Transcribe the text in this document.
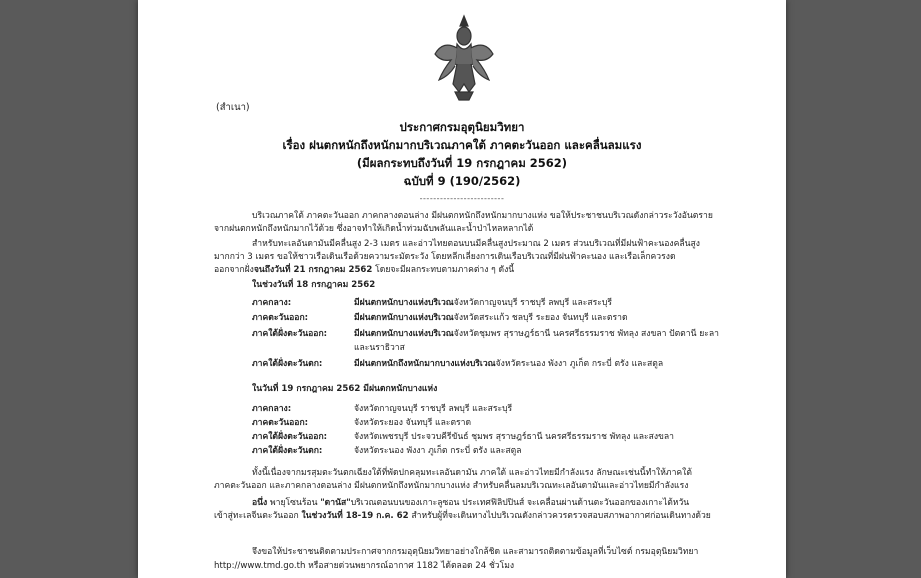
(สำเนา)
ประกาศกรมอุตุนิยมวิทยา
เรื่อง ฝนตกหนักถึงหนักมากบริเวณภาคใต้ ภาคตะวันออก และคลื่นลมแรง
(มีผลกระทบถึงวันที่ 19 กรกฎาคม 2562)
ฉบับที่ 9 (190/2562)
-------------------------
บริเวณภาคใต้ ภาคตะวันออก ภาคกลางตอนล่าง มีฝนตกหนักถึงหนักมากบางแห่ง ขอให้ประชาชนบริเวณดังกล่าวระวังอันตราย
จากฝนตกหนักถึงหนักมากไว้ด้วย ซึ่งอาจทำให้เกิดน้ำท่วมฉับพลันและน้ำป่าไหลหลากได้
สำหรับทะเลอันดามันมีคลื่นสูง 2-3 เมตร และอ่าวไทยตอนบนมีคลื่นสูงประมาณ 2 เมตร ส่วนบริเวณที่มีฝนฟ้าคะนองคลื่นสูง
มากกว่า 3 เมตร ขอให้ชาวเรือเดินเรือด้วยความระมัดระวัง โดยหลีกเลี่ยงการเดินเรือบริเวณที่มีฝนฟ้าคะนอง และเรือเล็กควรงด
ออกจากฝั่งจนถึงวันที่ 21 กรกฎาคม 2562 โดยจะมีผลกระทบตามภาคต่าง ๆ ดังนี้
ในช่วงวันที่ 18 กรกฎาคม 2562
ภาคกลาง:	มีฝนตกหนักบางแห่งบริเวณจังหวัดกาญจนบุรี ราชบุรี ลพบุรี และสระบุรี
ภาคตะวันออก:	มีฝนตกหนักบางแห่งบริเวณจังหวัดสระแก้ว ชลบุรี ระยอง จันทบุรี และตราด
ภาคใต้ฝั่งตะวันออก:	มีฝนตกหนักบางแห่งบริเวณจังหวัดชุมพร สุราษฎร์ธานี นครศรีธรรมราช พัทลุง สงขลา ปัตตานี ยะลา
และนราธิวาส
ภาคใต้ฝั่งตะวันตก:	มีฝนตกหนักถึงหนักมากบางแห่งบริเวณจังหวัดระนอง พังงา ภูเก็ต กระบี่ ตรัง และสตูล
ในวันที่ 19 กรกฎาคม 2562 มีฝนตกหนักบางแห่ง
ภาคกลาง:	จังหวัดกาญจนบุรี ราชบุรี ลพบุรี และสระบุรี
ภาคตะวันออก:	จังหวัดระยอง จันทบุรี และตราด
ภาคใต้ฝั่งตะวันออก:	จังหวัดเพชรบุรี ประจวบคีรีขันธ์ ชุมพร สุราษฎร์ธานี นครศรีธรรมราช พัทลุง และสงขลา
ภาคใต้ฝั่งตะวันตก:	จังหวัดระนอง พังงา ภูเก็ต กระบี่ ตรัง และสตูล
ทั้งนี้เนื่องจากมรสุมตะวันตกเฉียงใต้ที่พัดปกคลุมทะเลอันดามัน ภาคใต้ และอ่าวไทยมีกำลังแรง ลักษณะเช่นนี้ทำให้ภาคใต้
ภาคตะวันออก และภาคกลางตอนล่าง มีฝนตกหนักถึงหนักมากบางแห่ง สำหรับคลื่นลมบริเวณทะเลอันดามันและอ่าวไทยมีกำลังแรง
อนึ่ง พายุโซนร้อน "ดานัส"บริเวณตอนบนของเกาะลูซอน ประเทศฟิลิปปินส์ จะเคลื่อนผ่านด้านตะวันออกของเกาะไต้หวัน
เข้าสู่ทะเลจีนตะวันออก ในช่วงวันที่ 18-19 ก.ค. 62 สำหรับผู้ที่จะเดินทางไปบริเวณดังกล่าวควรตรวจสอบสภาพอากาศก่อนเดินทางด้วย
จึงขอให้ประชาชนติดตามประกาศจากกรมอุตุนิยมวิทยาอย่างใกล้ชิด และสามารถติดตามข้อมูลที่เว็บไซต์ กรมอุตุนิยมวิทยา
http://www.tmd.go.th หรือสายด่วนพยากรณ์อากาศ 1182 ได้ตลอด 24 ชั่วโมง
